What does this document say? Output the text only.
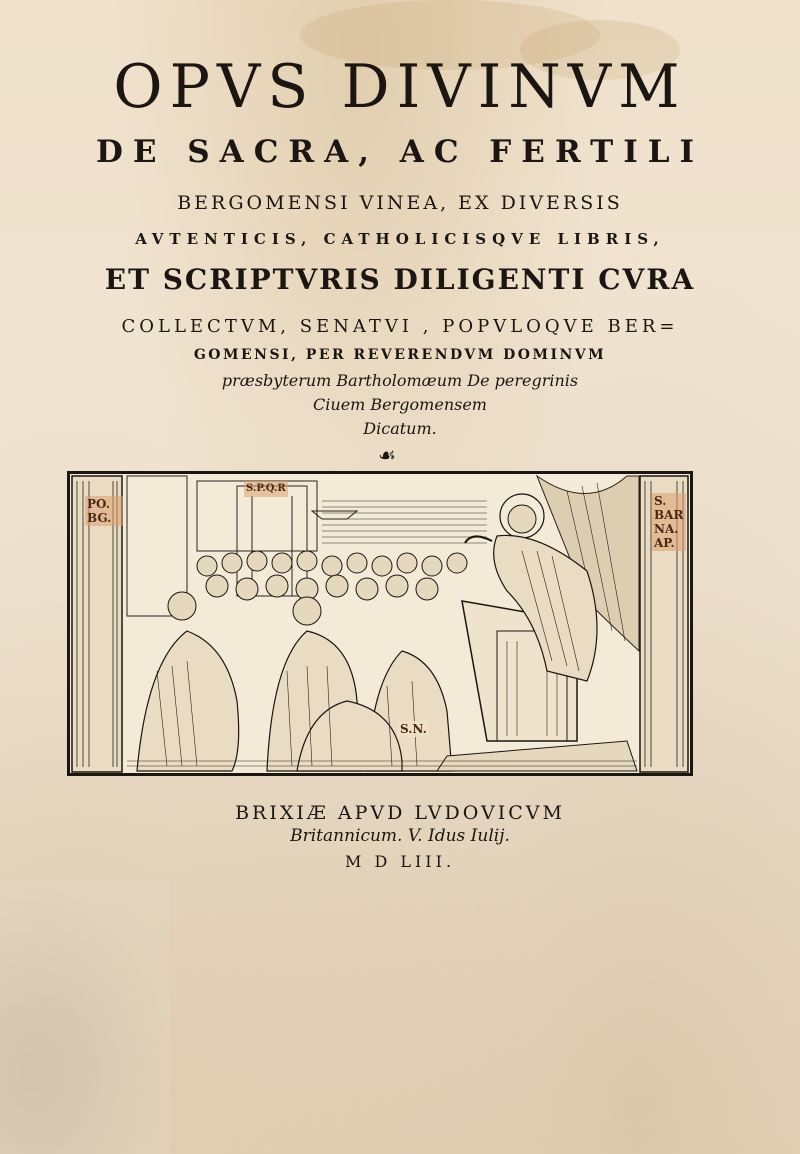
OPVS DIVINVM
DE SACRA, AC FERTILI
BERGOMENSI VINEA, EX DIVERSIS
AVTENTICIS, CATHOLICISQVE LIBRIS,
ET SCRIPTVRIS DILIGENTI CVRA
COLLECTVM, SENATVI , POPVLOQVE BER=
GOMENSI, PER REVERENDVM DOMINVM
præsbyterum Bartholomæum De peregrinis
Ciuem Bergomensem
Dicatum.
☙
PO. BG.
S. BAR NA. AP.
S.P.Q.R
S.N.
BRIXIÆ APVD LVDOVICVM
Britannicum. V. Idus Iulij.
M D LIII.
